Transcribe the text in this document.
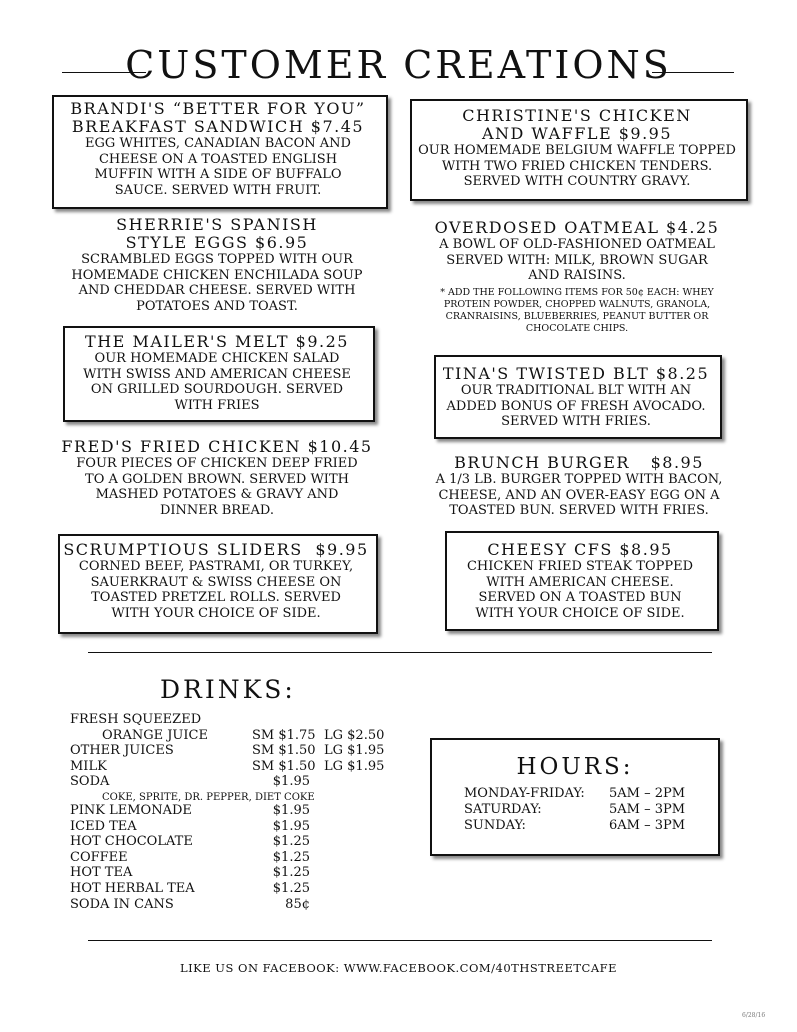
CUSTOMER CREATIONS
BRANDI'S “BETTER FOR YOU”
BREAKFAST SANDWICH $7.45
EGG WHITES, CANADIAN BACON AND CHEESE ON A TOASTED ENGLISH MUFFIN WITH A SIDE OF BUFFALO SAUCE. SERVED WITH FRUIT.
CHRISTINE'S CHICKEN
AND WAFFLE $9.95
OUR HOMEMADE BELGIUM WAFFLE TOPPED WITH TWO FRIED CHICKEN TENDERS. SERVED WITH COUNTRY GRAVY.
SHERRIE'S SPANISH
STYLE EGGS $6.95
SCRAMBLED EGGS TOPPED WITH OUR HOMEMADE CHICKEN ENCHILADA SOUP AND CHEDDAR CHEESE. SERVED WITH POTATOES AND TOAST.
OVERDOSED OATMEAL $4.25
A BOWL OF OLD-FASHIONED OATMEAL SERVED WITH: MILK, BROWN SUGAR AND RAISINS.
* ADD THE FOLLOWING ITEMS FOR 50¢ EACH: WHEY PROTEIN POWDER, CHOPPED WALNUTS, GRANOLA, CRANRAISINS, BLUEBERRIES, PEANUT BUTTER OR CHOCOLATE CHIPS.
THE MAILER'S MELT $9.25
OUR HOMEMADE CHICKEN SALAD WITH SWISS AND AMERICAN CHEESE ON GRILLED SOURDOUGH. SERVED WITH FRIES
TINA'S TWISTED BLT $8.25
OUR TRADITIONAL BLT WITH AN ADDED BONUS OF FRESH AVOCADO. SERVED WITH FRIES.
FRED'S FRIED CHICKEN $10.45
FOUR PIECES OF CHICKEN DEEP FRIED TO A GOLDEN BROWN. SERVED WITH MASHED POTATOES & GRAVY AND DINNER BREAD.
BRUNCH BURGER $8.95
A 1/3 LB. BURGER TOPPED WITH BACON, CHEESE, AND AN OVER-EASY EGG ON A TOASTED BUN. SERVED WITH FRIES.
SCRUMPTIOUS SLIDERS $9.95
CORNED BEEF, PASTRAMI, OR TURKEY, SAUERKRAUT & SWISS CHEESE ON TOASTED PRETZEL ROLLS. SERVED WITH YOUR CHOICE OF SIDE.
CHEESY CFS $8.95
CHICKEN FRIED STEAK TOPPED WITH AMERICAN CHEESE. SERVED ON A TOASTED BUN WITH YOUR CHOICE OF SIDE.
DRINKS:
FRESH SQUEEZED
ORANGE JUICE	SM $1.75 LG $2.50
OTHER JUICES	SM $1.50 LG $1.95
MILK	SM $1.50 LG $1.95
SODA	$1.95
COKE, SPRITE, DR. PEPPER, DIET COKE
PINK LEMONADE	$1.95
ICED TEA	$1.95
HOT CHOCOLATE	$1.25
COFFEE	$1.25
HOT TEA	$1.25
HOT HERBAL TEA	$1.25
SODA IN CANS	85¢
HOURS:
MONDAY-FRIDAY: 5AM – 2PM
SATURDAY:	5AM – 3PM
SUNDAY:	6AM – 3PM
LIKE US ON FACEBOOK: WWW.FACEBOOK.COM/40THSTREETCAFE
6/28/16
